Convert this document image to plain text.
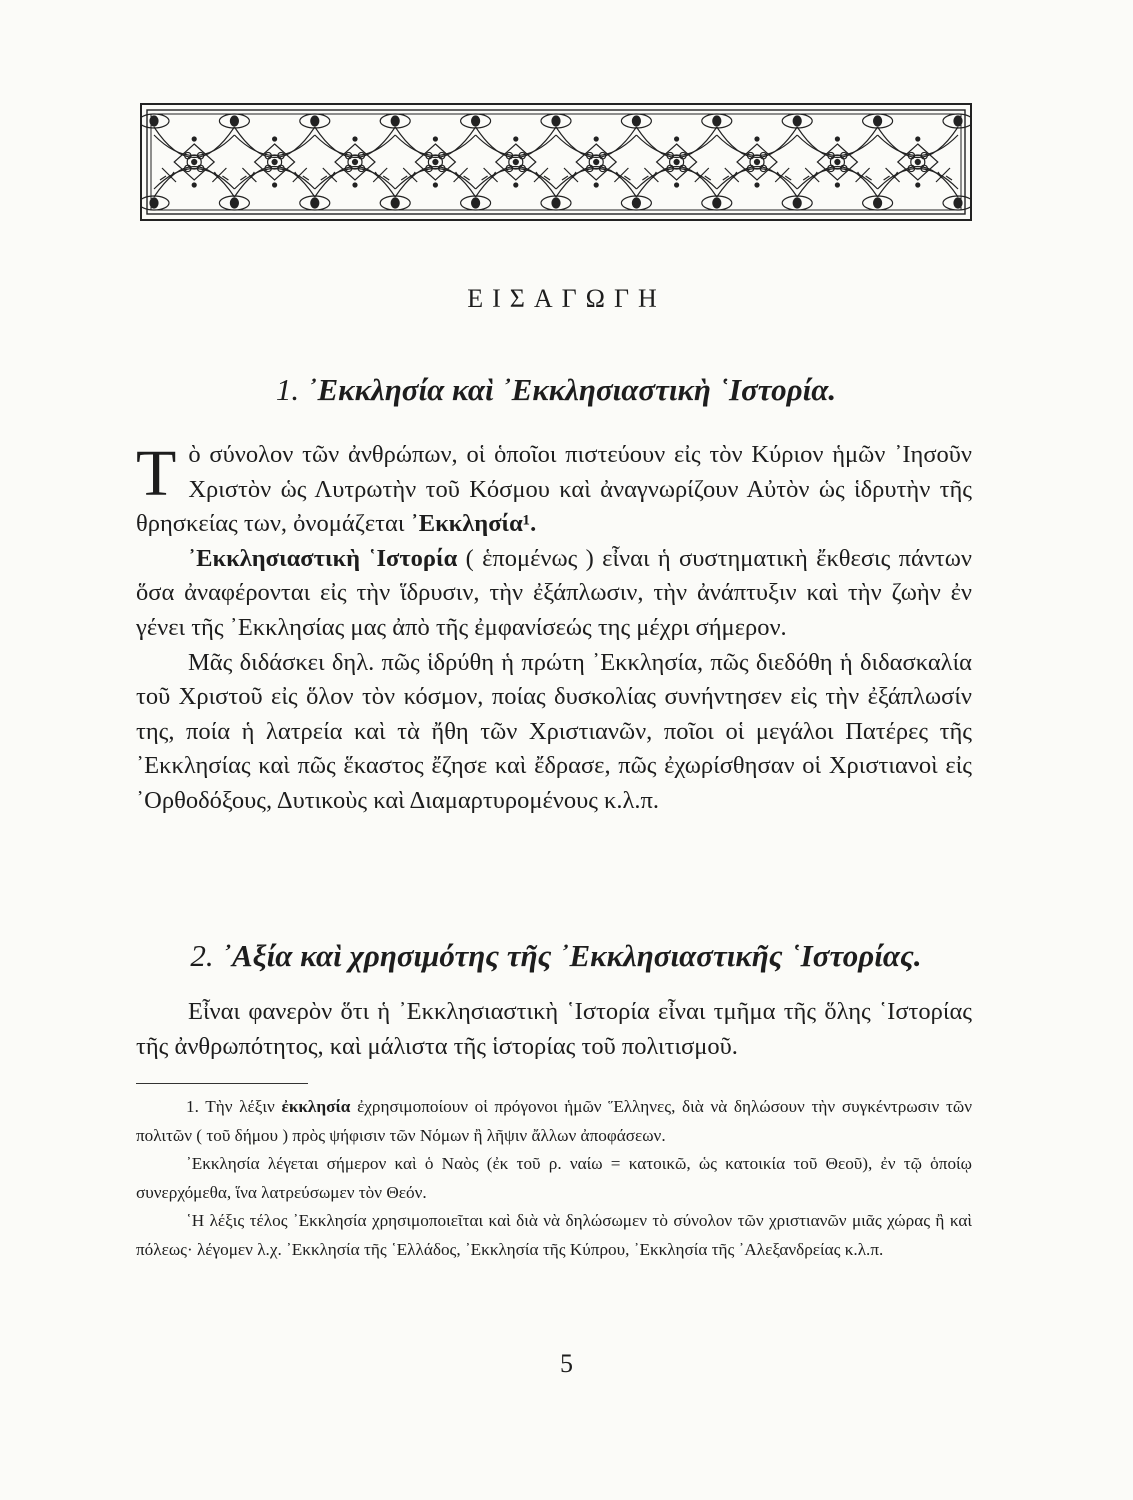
ΕΙΣΑΓΩΓΗ
1. ᾿Εκκλησία καὶ ᾿Εκκλησιαστικὴ ῾Ιστορία.

Τὸ σύνολον τῶν ἀνθρώπων, οἱ ὁποῖοι πιστεύουν εἰς τὸν Κύριον ἡμῶν ᾿Ιησοῦν Χριστὸν ὡς Λυτρωτὴν τοῦ Κόσμου καὶ ἀναγνωρίζουν Αὐτὸν ὡς ἱδρυτὴν τῆς θρησκείας των, ὀνομάζεται ᾿Εκκλησία¹.

᾿Εκκλησιαστικὴ ῾Ιστορία ( ἑπομένως ) εἶναι ἡ συστηματικὴ ἔκθεσις πάντων ὅσα ἀναφέρονται εἰς τὴν ἵδρυσιν, τὴν ἐξάπλωσιν, τὴν ἀνάπτυξιν καὶ τὴν ζωὴν ἐν γένει τῆς ᾿Εκκλησίας μας ἀπὸ τῆς ἐμφανίσεώς της μέχρι σήμερον.

Μᾶς διδάσκει δηλ. πῶς ἱδρύθη ἡ πρώτη ᾿Εκκλησία, πῶς διεδόθη ἡ διδασκαλία τοῦ Χριστοῦ εἰς ὅλον τὸν κόσμον, ποίας δυσκολίας συνήντησεν εἰς τὴν ἐξάπλωσίν της, ποία ἡ λατρεία καὶ τὰ ἤθη τῶν Χριστιανῶν, ποῖοι οἱ μεγάλοι Πατέρες τῆς ᾿Εκκλησίας καὶ πῶς ἕκαστος ἔζησε καὶ ἔδρασε, πῶς ἐχωρίσθησαν οἱ Χριστιανοὶ εἰς ᾿Ορθοδόξους, Δυτικοὺς καὶ Διαμαρτυρομένους κ.λ.π.

2. ᾿Αξία καὶ χρησιμότης τῆς ᾿Εκκλησιαστικῆς ῾Ιστορίας.

Εἶναι φανερὸν ὅτι ἡ ᾿Εκκλησιαστικὴ ῾Ιστορία εἶναι τμῆμα τῆς ὅλης ῾Ιστορίας τῆς ἀνθρωπότητος, καὶ μάλιστα τῆς ἱστορίας τοῦ πολιτισμοῦ.

1. Τὴν λέξιν ἐκκλησία ἐχρησιμοποίουν οἱ πρόγονοι ἡμῶν Ἕλληνες, διὰ νὰ δηλώσουν τὴν συγκέντρωσιν τῶν πολιτῶν ( τοῦ δήμου ) πρὸς ψήφισιν τῶν Νόμων ἢ λῆψιν ἄλλων ἀποφάσεων.

᾿Εκκλησία λέγεται σήμερον καὶ ὁ Ναὸς (ἐκ τοῦ ρ. ναίω = κατοικῶ, ὡς κατοικία τοῦ Θεοῦ), ἐν τῷ ὁποίῳ συνερχόμεθα, ἵνα λατρεύσωμεν τὸν Θεόν.

῾Η λέξις τέλος ᾿Εκκλησία χρησιμοποιεῖται καὶ διὰ νὰ δηλώσωμεν τὸ σύνολον τῶν χριστιανῶν μιᾶς χώρας ἢ καὶ πόλεως· λέγομεν λ.χ. ᾿Εκκλησία τῆς ῾Ελλάδος, ᾿Εκκλησία τῆς Κύπρου, ᾿Εκκλησία τῆς ᾿Αλεξανδρείας κ.λ.π.

5
